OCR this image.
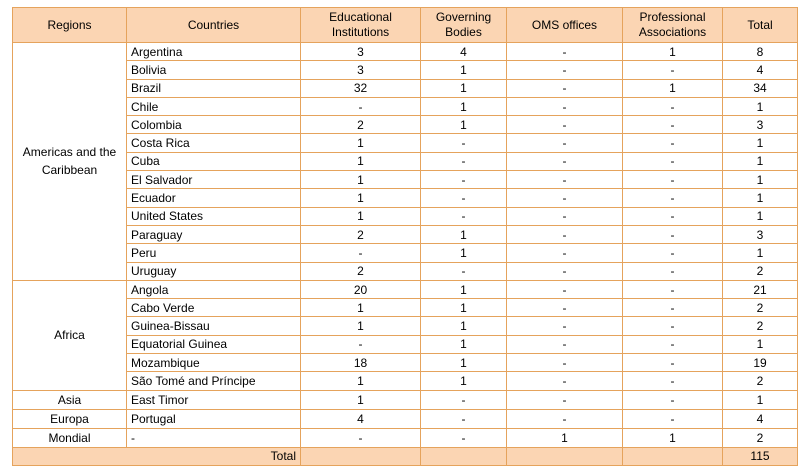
Regions	Countries	Educational Institutions	Governing Bodies	OMS offices	Professional Associations	Total
Americas and the Caribbean	Argentina	3	4	-	1	8
	Bolivia	3	1	-	-	4
	Brazil	32	1	-	1	34
	Chile	-	1	-	-	1
	Colombia	2	1	-	-	3
	Costa Rica	1	-	-	-	1
	Cuba	1	-	-	-	1
	El Salvador	1	-	-	-	1
	Ecuador	1	-	-	-	1
	United States	1	-	-	-	1
	Paraguay	2	1	-	-	3
	Peru	-	1	-	-	1
	Uruguay	2	-	-	-	2
Africa	Angola	20	1	-	-	21
	Cabo Verde	1	1	-	-	2
	Guinea-Bissau	1	1	-	-	2
	Equatorial Guinea	-	1	-	-	1
	Mozambique	18	1	-	-	19
	São Tomé and Príncipe	1	1	-	-	2
Asia	East Timor	1	-	-	-	1
Europa	Portugal	4	-	-	-	4
Mondial	-	-	-	1	1	2
Total						115
